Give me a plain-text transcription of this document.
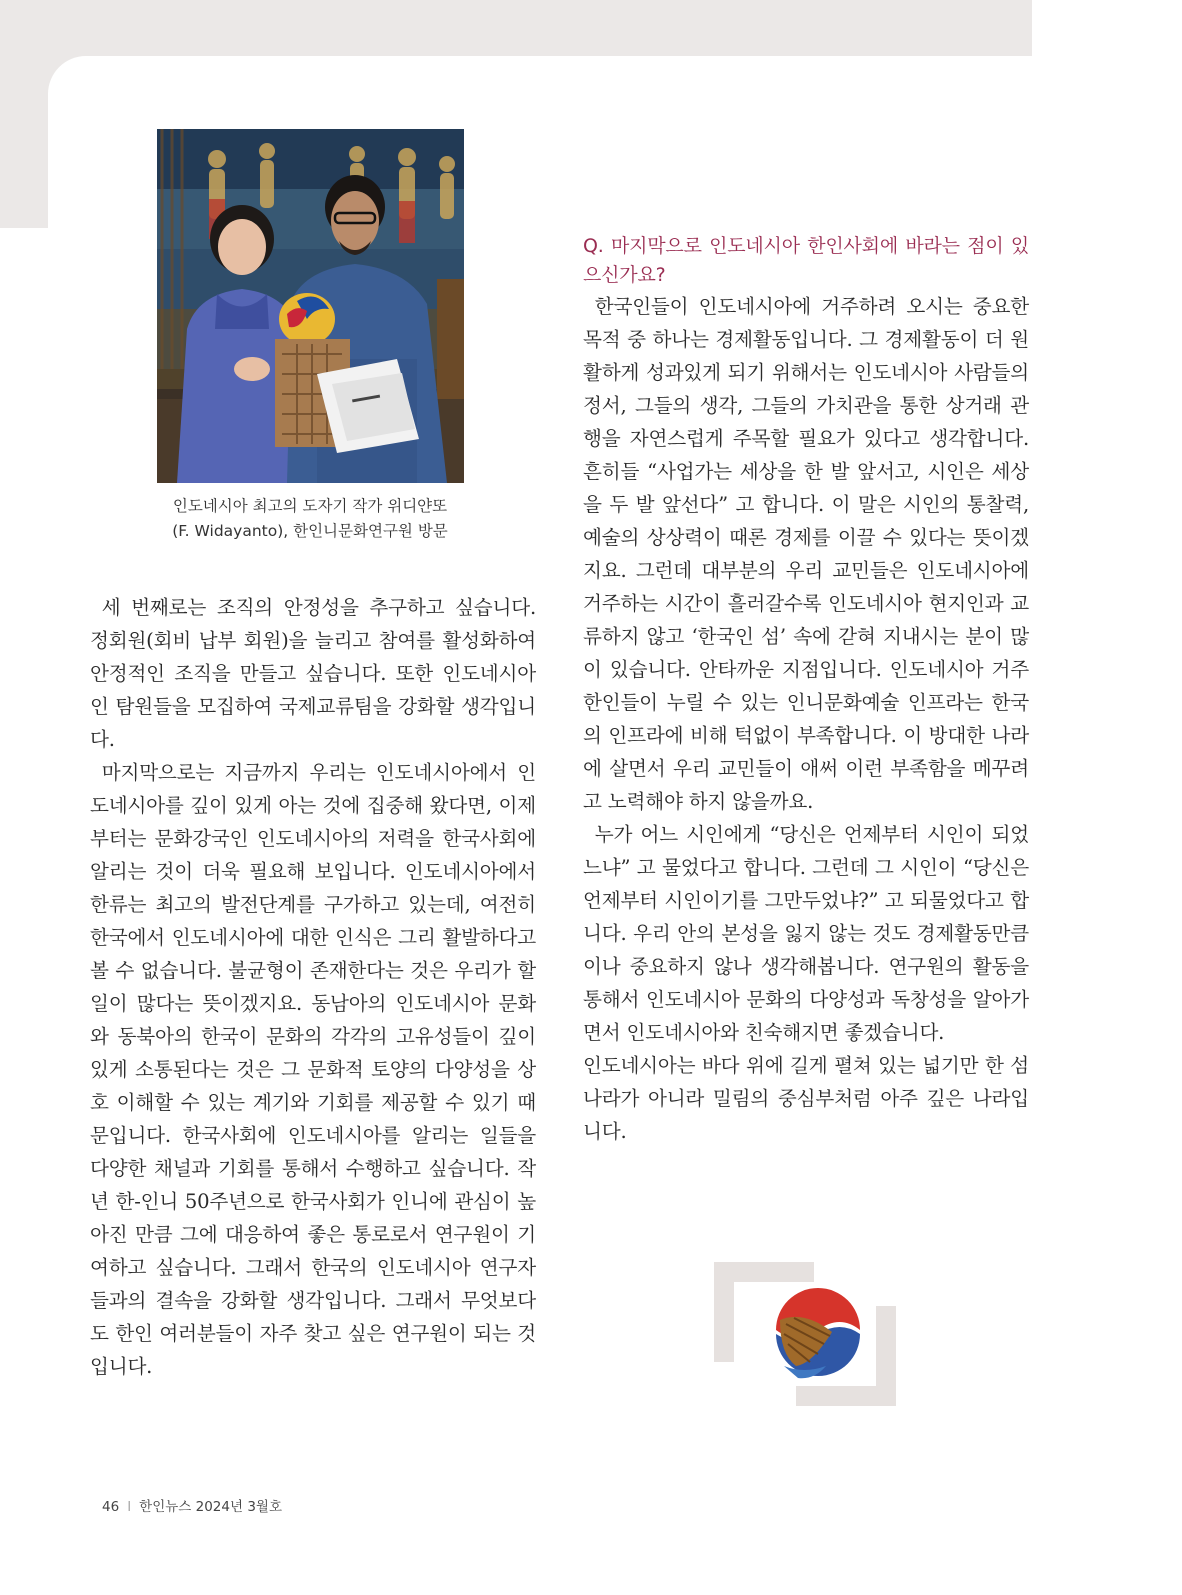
인도네시아 최고의 도자기 작가 위디얀또

(F. Widayanto), 한인니문화연구원 방문

세 번째로는 조직의 안정성을 추구하고 싶습니다. 정회원(회비 납부 회원)을 늘리고 참여를 활성화하여 안정적인 조직을 만들고 싶습니다. 또한 인도네시아인 탐원들을 모집하여 국제교류팀을 강화할 생각입니다.

마지막으로는 지금까지 우리는 인도네시아에서 인도네시아를 깊이 있게 아는 것에 집중해 왔다면, 이제부터는 문화강국인 인도네시아의 저력을 한국사회에 알리는 것이 더욱 필요해 보입니다. 인도네시아에서 한류는 최고의 발전단계를 구가하고 있는데, 여전히 한국에서 인도네시아에 대한 인식은 그리 활발하다고 볼 수 없습니다. 불균형이 존재한다는 것은 우리가 할 일이 많다는 뜻이겠지요. 동남아의 인도네시아 문화와 동북아의 한국이 문화의 각각의 고유성들이 깊이 있게 소통된다는 것은 그 문화적 토양의 다양성을 상호 이해할 수 있는 계기와 기회를 제공할 수 있기 때문입니다. 한국사회에 인도네시아를 알리는 일들을 다양한 채널과 기회를 통해서 수행하고 싶습니다. 작년 한-인니 50주년으로 한국사회가 인니에 관심이 높아진 만큼 그에 대응하여 좋은 통로로서 연구원이 기여하고 싶습니다. 그래서 한국의 인도네시아 연구자들과의 결속을 강화할 생각입니다. 그래서 무엇보다도 한인 여러분들이 자주 찾고 싶은 연구원이 되는 것입니다.

Q. 마지막으로 인도네시아 한인사회에 바라는 점이 있으신가요?

한국인들이 인도네시아에 거주하려 오시는 중요한 목적 중 하나는 경제활동입니다. 그 경제활동이 더 원활하게 성과있게 되기 위해서는 인도네시아 사람들의 정서, 그들의 생각, 그들의 가치관을 통한 상거래 관행을 자연스럽게 주목할 필요가 있다고 생각합니다. 흔히들 “사업가는 세상을 한 발 앞서고, 시인은 세상을 두 발 앞선다” 고 합니다. 이 말은 시인의 통찰력, 예술의 상상력이 때론 경제를 이끌 수 있다는 뜻이겠지요. 그런데 대부분의 우리 교민들은 인도네시아에 거주하는 시간이 흘러갈수록 인도네시아 현지인과 교류하지 않고 ‘한국인 섬’ 속에 갇혀 지내시는 분이 많이 있습니다. 안타까운 지점입니다. 인도네시아 거주 한인들이 누릴 수 있는 인니문화예술 인프라는 한국의 인프라에 비해 턱없이 부족합니다. 이 방대한 나라에 살면서 우리 교민들이 애써 이런 부족함을 메꾸려고 노력해야 하지 않을까요.

누가 어느 시인에게 “당신은 언제부터 시인이 되었느냐” 고 물었다고 합니다. 그런데 그 시인이 “당신은 언제부터 시인이기를 그만두었냐?” 고 되물었다고 합니다. 우리 안의 본성을 잃지 않는 것도 경제활동만큼이나 중요하지 않나 생각해봅니다. 연구원의 활동을 통해서 인도네시아 문화의 다양성과 독창성을 알아가면서 인도네시아와 친숙해지면 좋겠습니다.

인도네시아는 바다 위에 길게 펼쳐 있는 넓기만 한 섬나라가 아니라 밀림의 중심부처럼 아주 깊은 나라입니다.

46 I 한인뉴스 2024년 3월호
